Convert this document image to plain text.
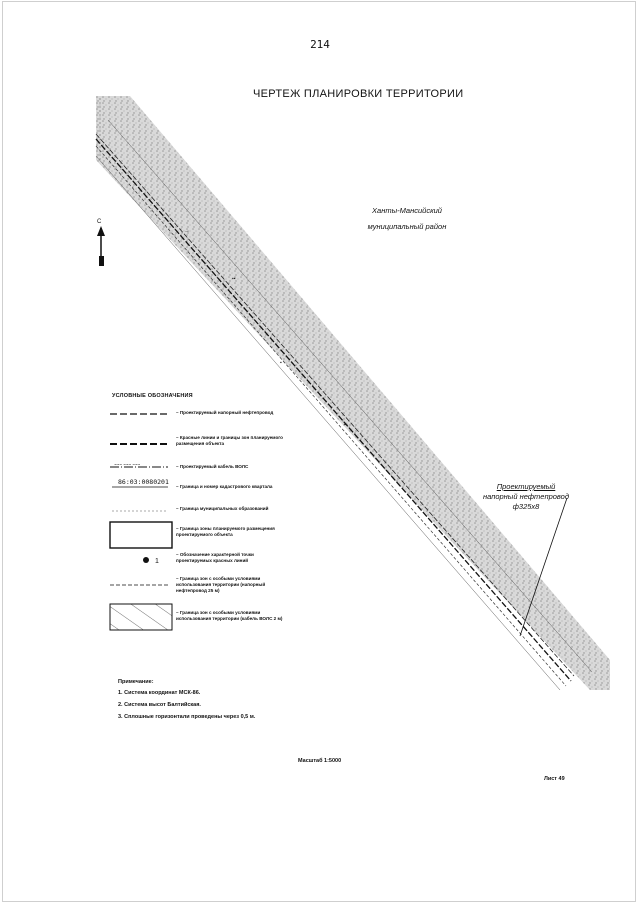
214
ЧЕРТЕЖ ПЛАНИРОВКИ ТЕРРИТОРИИ
→
▪▪
▪
▪▪
~~~ ~~~ ~~~
Ханты-Мансийский
муниципальный район
Проектируемый
напорный нефтепровод
ф325х8
С
УСЛОВНЫЕ ОБОЗНАЧЕНИЯ
– Проектируемый напорный нефтепровод
– Красные линии и границы зон планируемого размещения объекта
– Проектируемый кабель ВОЛС
86:03:0080201
– Граница и номер кадастрового квартала
– Граница муниципальных образований
– Граница зоны планируемого размещения проектируемого объекта
1
– Обозначение характерной точки проектируемых красных линий
– Граница зон с особыми условиями использования территории (напорный нефтепровод 25 м)
– Граница зон с особыми условиями использования территории (кабель ВОЛС 2 м)
Примечание:
1. Система координат МСК-86.
2. Система высот Балтийская.
3. Сплошные горизонтали проведены через 0,5 м.
Масштаб 1:5000
Лист 49
